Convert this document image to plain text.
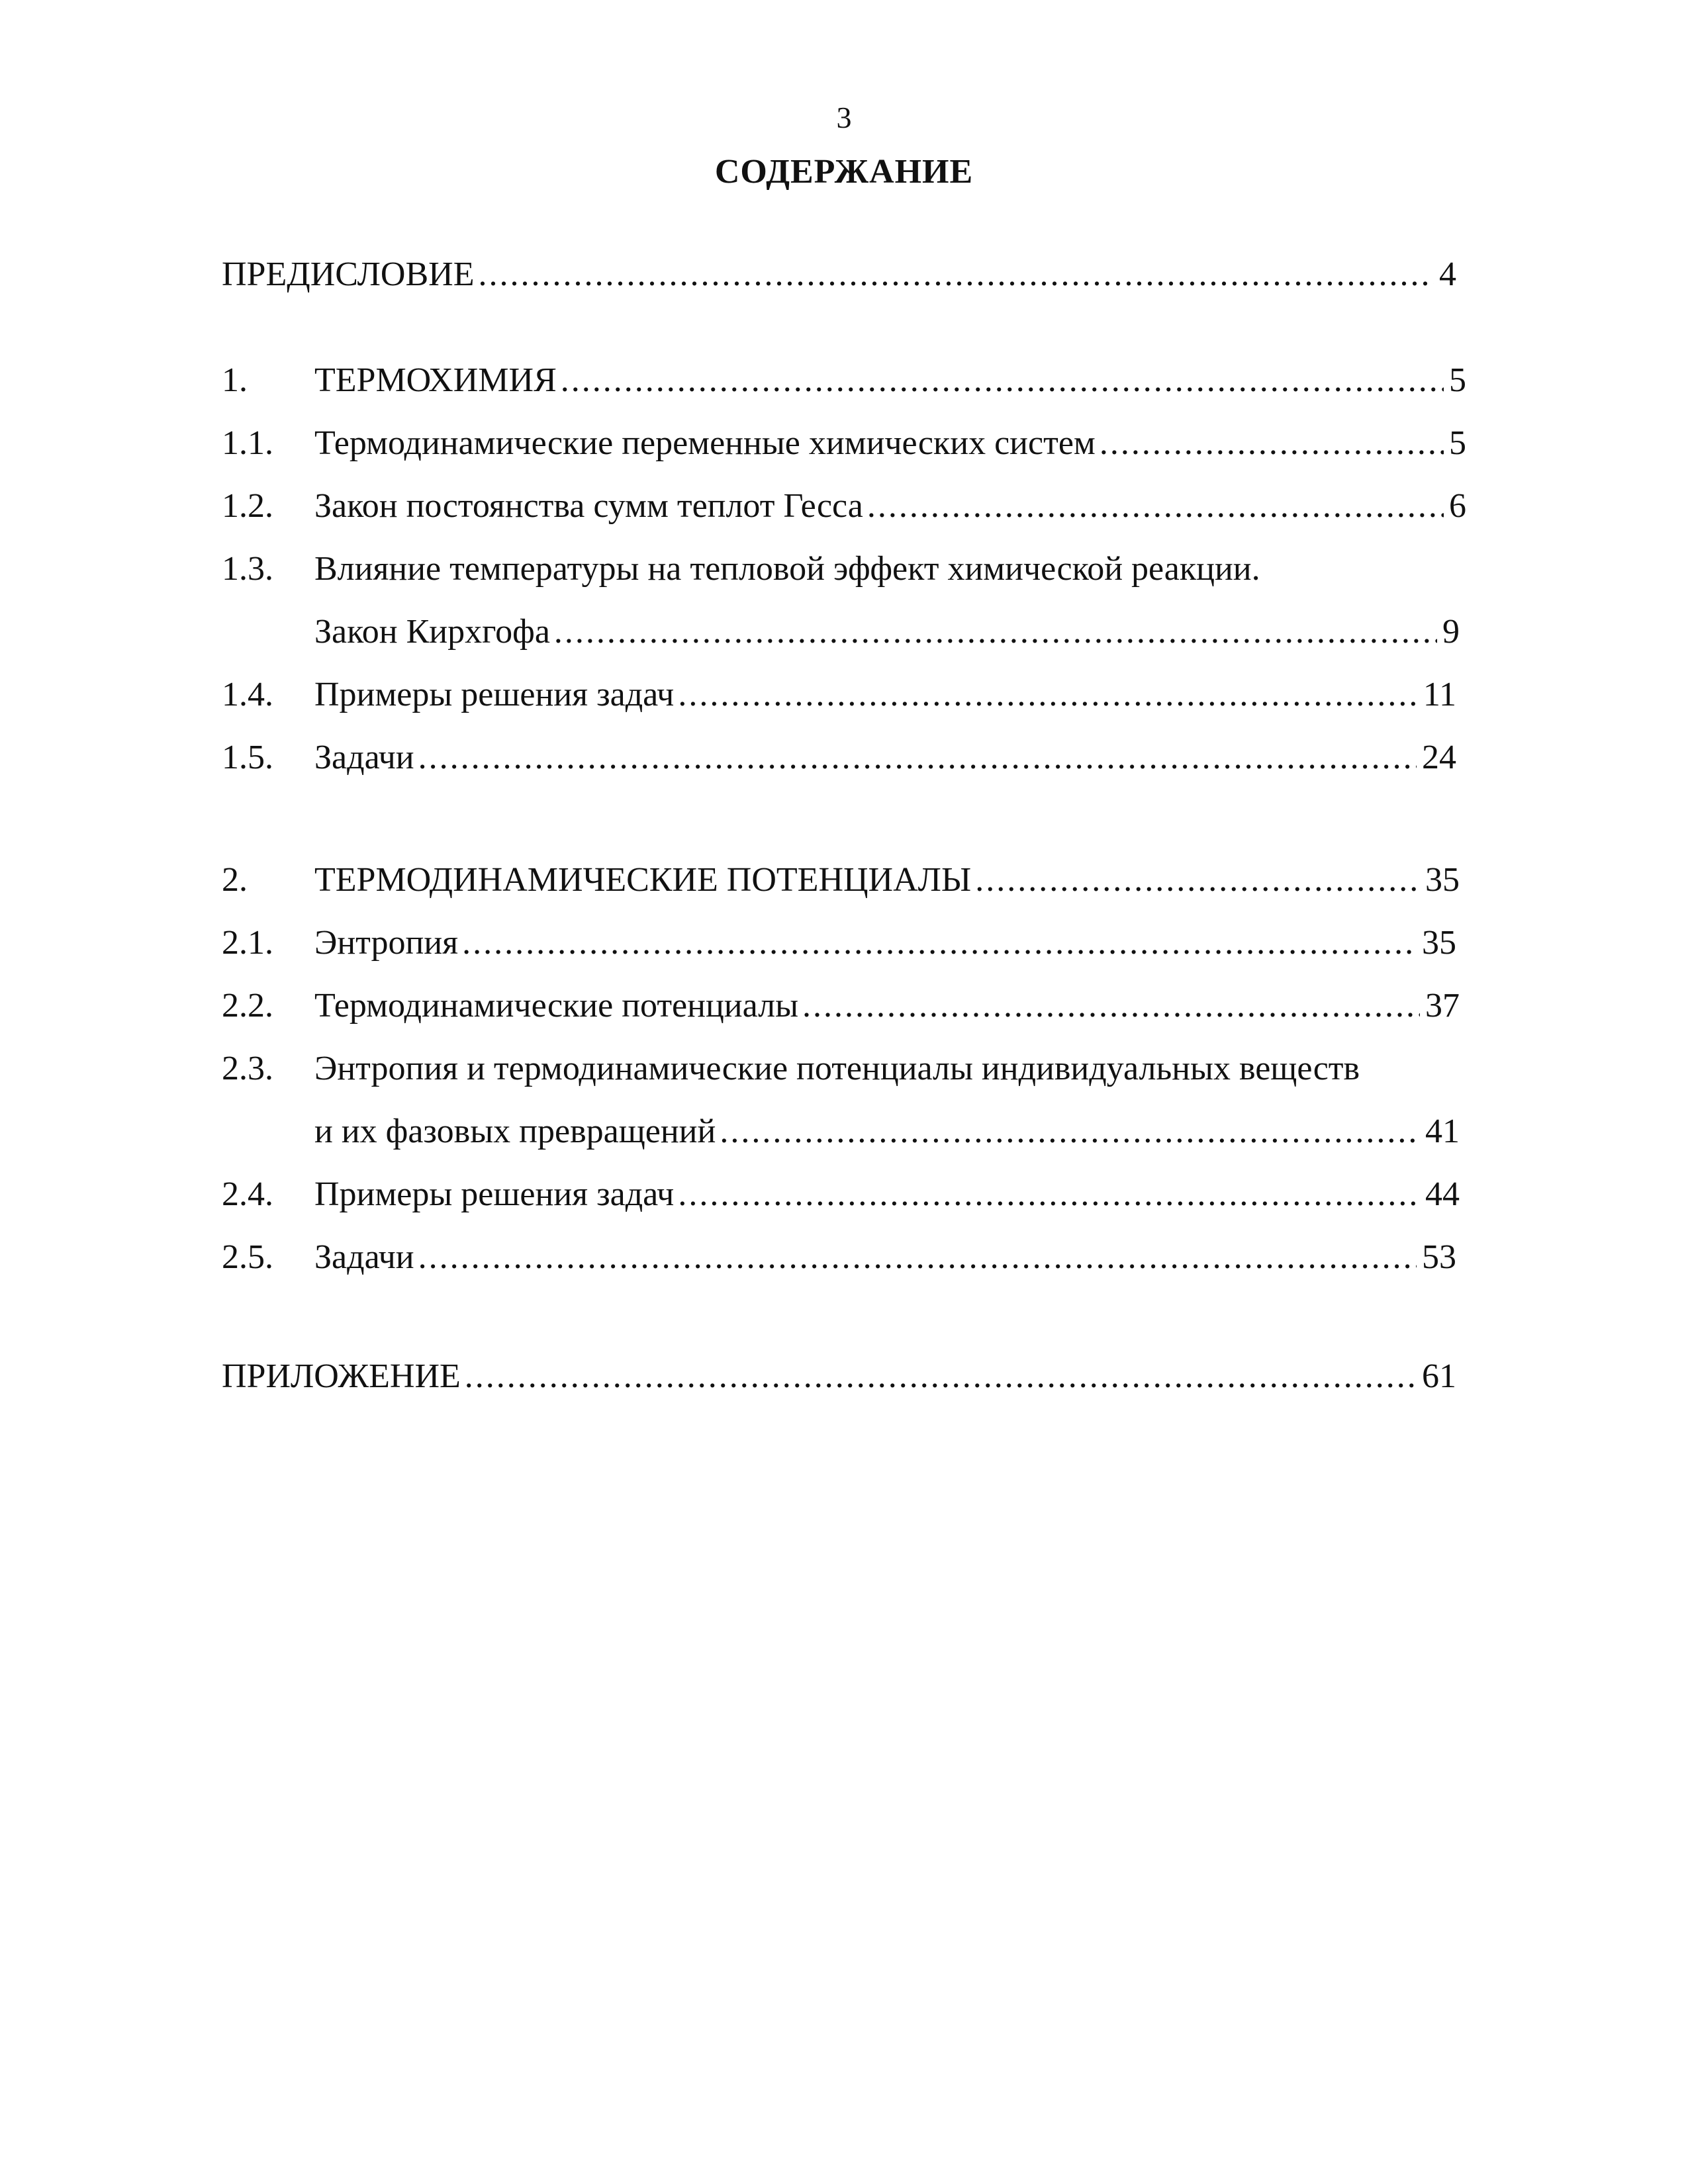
3
СОДЕРЖАНИЕ
ПРЕДИСЛОВИЕ .....	4
1. ТЕРМОХИМИЯ .....	5
1.1. Термодинамические переменные химических систем .....	5
1.2. Закон постоянства сумм теплот Гесса .....	6
1.3. Влияние температуры на тепловой эффект химической реакции.
Закон Кирхгофа .....	9
1.4. Примеры решения задач .....	11
1.5. Задачи .....	24
2. ТЕРМОДИНАМИЧЕСКИЕ ПОТЕНЦИАЛЫ .....	35
2.1. Энтропия .....	35
2.2. Термодинамические потенциалы .....	37
2.3. Энтропия и термодинамические потенциалы индивидуальных веществ
и их фазовых превращений .....	41
2.4. Примеры решения задач .....	44
2.5. Задачи .....	53
ПРИЛОЖЕНИЕ .....	61
